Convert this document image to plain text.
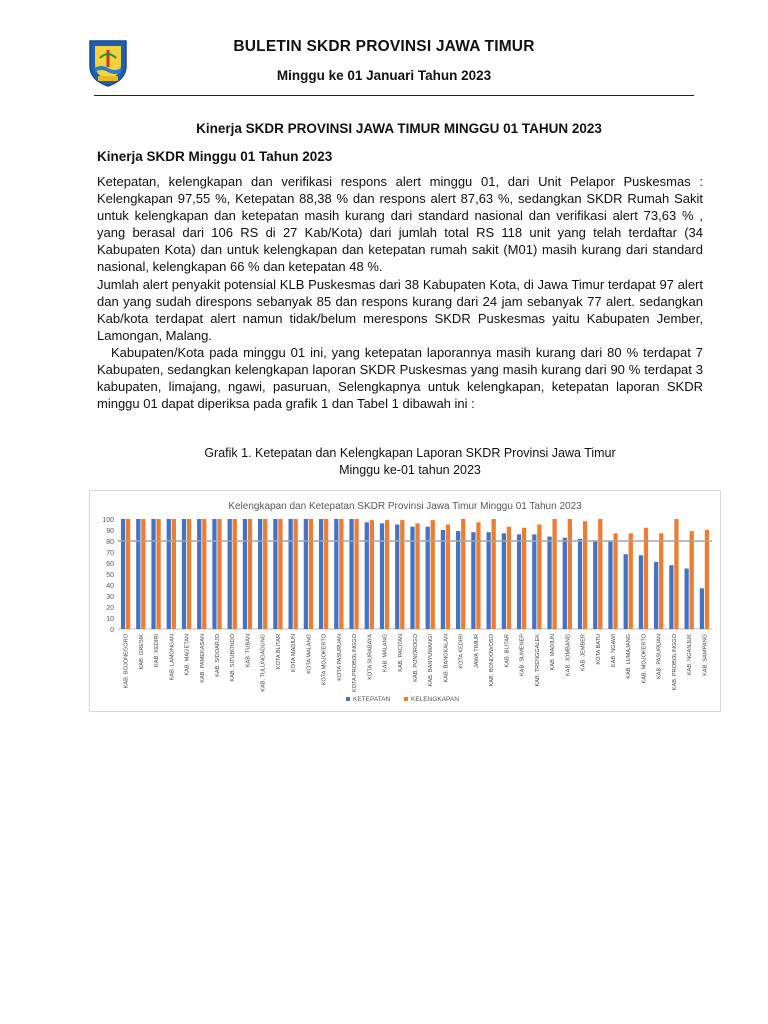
BULETIN SKDR PROVINSI JAWA TIMUR
Minggu ke 01 Januari Tahun 2023
Kinerja SKDR PROVINSI JAWA TIMUR MINGGU 01 TAHUN 2023
Kinerja SKDR Minggu 01 Tahun 2023

Ketepatan, kelengkapan dan verifikasi respons alert minggu 01, dari Unit Pelapor Puskesmas : Kelengkapan 97,55 %, Ketepatan 88,38 % dan respons alert 87,63 %, sedangkan SKDR Rumah Sakit untuk kelengkapan dan ketepatan masih kurang dari standard nasional dan verifikasi alert 73,63 % , yang berasal dari 106 RS di 27 Kab/Kota) dari jumlah total RS 118 unit yang telah terdaftar (34 Kabupaten Kota) dan untuk kelengkapan dan ketepatan rumah sakit (M01) masih kurang dari standard nasional, kelengkapan 66 % dan ketepatan 48 %.

Jumlah alert penyakit potensial KLB Puskesmas dari 38 Kabupaten Kota, di Jawa Timur terdapat 97 alert dan yang sudah direspons sebanyak 85 dan respons kurang dari 24 jam sebanyak 77 alert. sedangkan Kab/kota terdapat alert namun tidak/belum merespons SKDR Puskesmas yaitu Kabupaten Jember, Lamongan, Malang.

Kabupaten/Kota pada minggu 01 ini, yang ketepatan laporannya masih kurang dari 80 % terdapat 7 Kabupaten, sedangkan kelengkapan laporan SKDR Puskesmas yang masih kurang dari 90 % terdapat 3 kabupaten, limajang, ngawi, pasuruan, Selengkapnya untuk kelengkapan, ketepatan laporan SKDR minggu 01 dapat diperiksa pada grafik 1 dan Tabel 1 dibawah ini :

Grafik 1. Ketepatan dan Kelengkapan Laporan SKDR Provinsi Jawa Timur
Minggu ke-01 tahun 2023
Kelengkapan dan Ketepatan SKDR Provinsi Jawa Timur Minggu 01 Tahun 2023
0
10
20
30
40
50
60
70
80
90
100
KAB. BOJONEGORO KAB. GRESIK KAB. KEDIRI KAB. LAMONGAN KAB. MAGETAN KAB. PAMEKASAN KAB. SIDOARJO KAB. SITUBONDO KAB. TUBAN KAB. TULUNGAGUNG KOTA BLITAR KOTA MADIUN KOTA MALANG KOTA MOJOKERTO KOTA PASURUAN KOTA PROBOLINGGO KOTA SURABAYA KAB. MALANG KAB. PACITAN KAB. PONOROGO KAB. BANYUWANGI KAB. BANGKALAN KOTA KEDIRI JAWA TIMUR KAB. BONDOWOSO KAB. BLITAR KAB. SUMENEP KAB. TRENGGALEK KAB. MADIUN KAB. JOMBANG KAB. JEMBER KOTA BATU KAB. NGAWI KAB. LUMAJANG KAB. MOJOKERTO KAB. PASURUAN KAB. PROBOLINGGO KAB. NGANJUK KAB. SAMPANG
KETEPATAN	KELENGKAPAN
